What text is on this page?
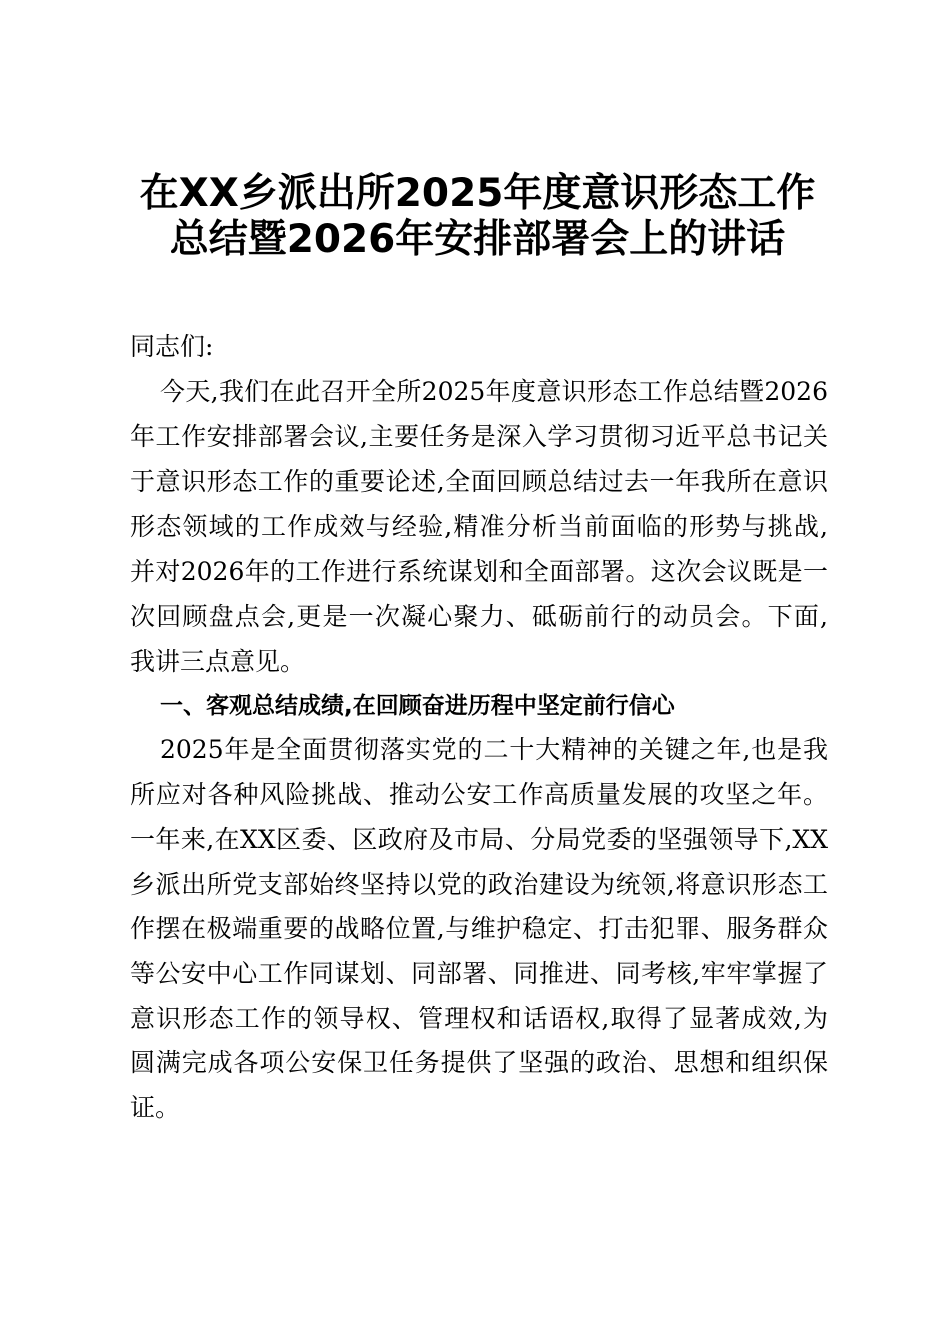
在XX乡派出所2025年度意识形态工作
总结暨2026年安排部署会上的讲话
同志们:
今天,我们在此召开全所2025年度意识形态工作总结暨2026
年工作安排部署会议,主要任务是深入学习贯彻习近平总书记关
于意识形态工作的重要论述,全面回顾总结过去一年我所在意识
形态领域的工作成效与经验,精准分析当前面临的形势与挑战,
并对2026年的工作进行系统谋划和全面部署。这次会议既是一
次回顾盘点会,更是一次凝心聚力、砥砺前行的动员会。下面,
我讲三点意见。
一、客观总结成绩,在回顾奋进历程中坚定前行信心
2025年是全面贯彻落实党的二十大精神的关键之年,也是我
所应对各种风险挑战、推动公安工作高质量发展的攻坚之年。
一年来,在XX区委、区政府及市局、分局党委的坚强领导下,XX
乡派出所党支部始终坚持以党的政治建设为统领,将意识形态工
作摆在极端重要的战略位置,与维护稳定、打击犯罪、服务群众
等公安中心工作同谋划、同部署、同推进、同考核,牢牢掌握了
意识形态工作的领导权、管理权和话语权,取得了显著成效,为
圆满完成各项公安保卫任务提供了坚强的政治、思想和组织保
证。
